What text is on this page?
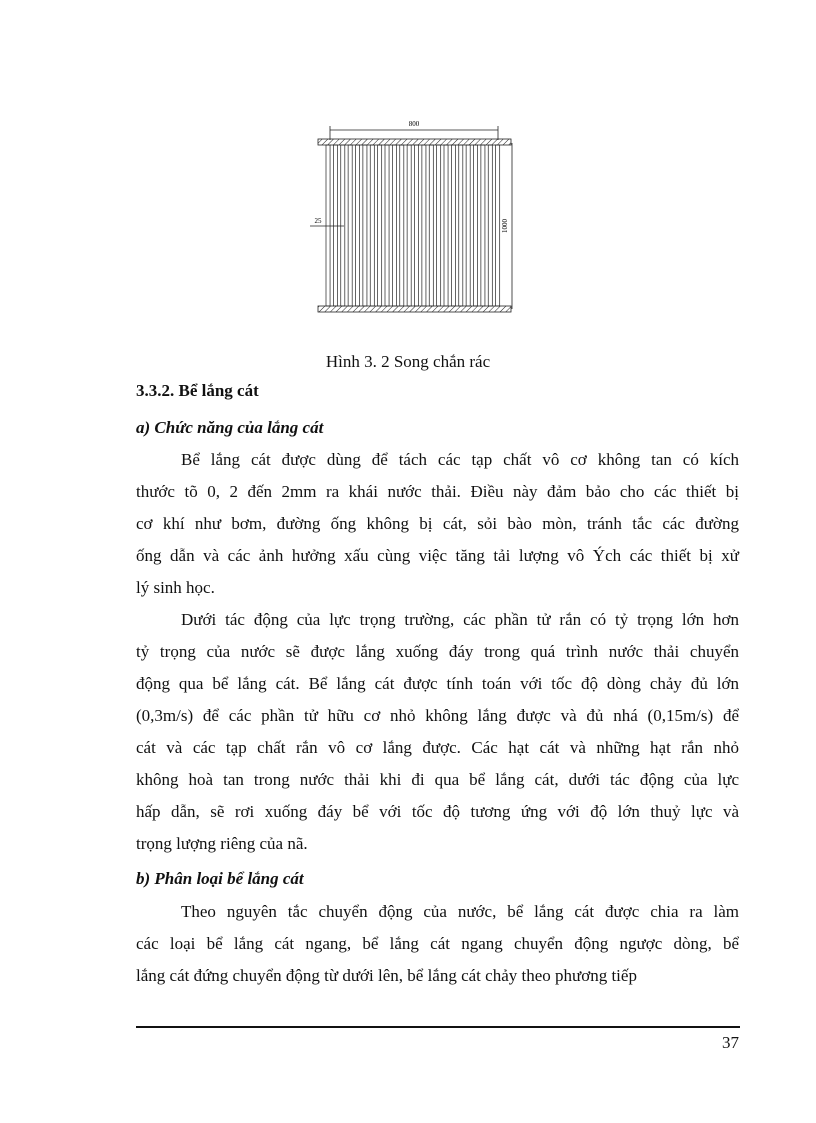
800
1000
25
Hình 3. 2 Song chắn rác
3.3.2. Bể lắng cát
a) Chức năng của lắng cát
Bể lắng cát được dùng để tách các tạp chất vô cơ không tan có kích
thước tõ 0, 2 đến 2mm ra khái nước thải. Điều này đảm bảo cho các thiết bị
cơ khí như bơm, đường ống không bị cát, sỏi bào mòn, tránh tắc các đường
ống dẫn và các ảnh hưởng xấu cùng việc tăng tải lượng vô Ých các thiết bị xử
lý sinh học.
Dưới tác động của lực trọng trường, các phần tử rắn có tỷ trọng lớn hơn
tỷ trọng của nước sẽ được lắng xuống đáy trong quá trình nước thải chuyển
động qua bể lắng cát. Bể lắng cát được tính toán với tốc độ dòng chảy đủ lớn
(0,3m/s) để các phần tử hữu cơ nhỏ không lắng được và đủ nhá (0,15m/s) để
cát và các tạp chất rắn vô cơ lắng được. Các hạt cát và những hạt rắn nhỏ
không hoà tan trong nước thải khi đi qua bể lắng cát, dưới tác động của lực
hấp dẫn, sẽ rơi xuống đáy bể với tốc độ tương ứng với độ lớn thuỷ lực và
trọng lượng riêng của nã.
b) Phân loại bể lắng cát
Theo nguyên tắc chuyển động của nước, bể lắng cát được chia ra làm
các loại bể lắng cát ngang, bể lắng cát ngang chuyển động ngược dòng, bể
lắng cát đứng chuyển động từ dưới lên, bể lắng cát chảy theo phương tiếp
37
